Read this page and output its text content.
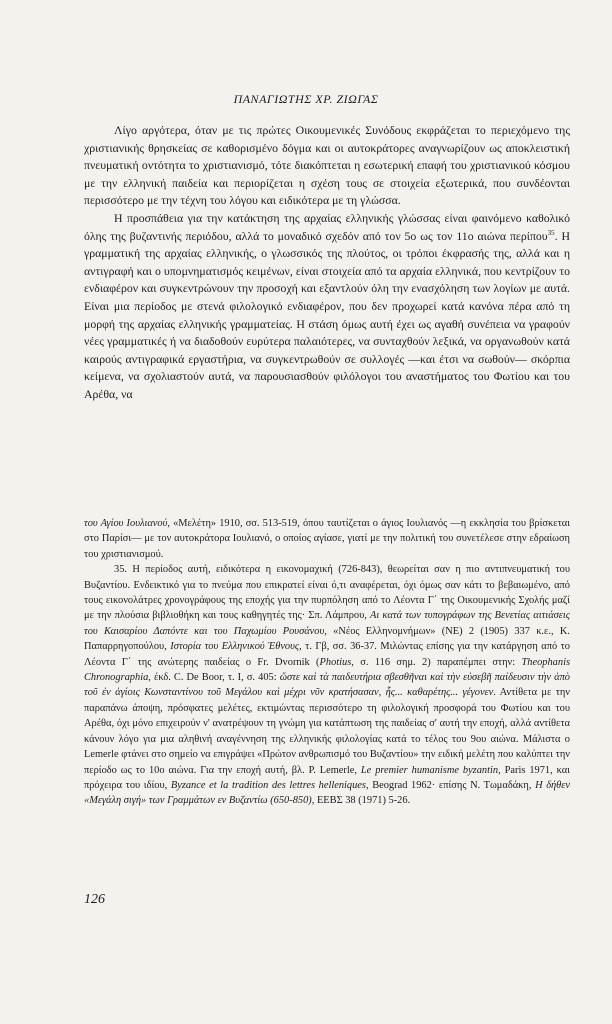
ΠΑΝΑΓΙΩΤΗΣ ΧΡ. ΖΙΩΓΑΣ

Λίγο αργότερα, όταν με τις πρώτες Οικουμενικές Συνόδους εκφράζεται το περιεχόμενο της χριστιανικής θρησκείας σε καθορισμένο δόγμα και οι αυτοκράτορες αναγνωρίζουν ως αποκλειστική πνευματική οντότητα το χριστιανισμό, τότε διακόπτεται η εσωτερική επαφή του χριστιανικού κόσμου με την ελληνική παιδεία και περιορίζεται η σχέση τους σε στοιχεία εξωτερικά, που συνδέονται περισσότερο με την τέχνη του λόγου και ειδικότερα με τη γλώσσα.

Η προσπάθεια για την κατάκτηση της αρχαίας ελληνικής γλώσσας είναι φαινόμενο καθολικό όλης της βυζαντινής περιόδου, αλλά το μοναδικό σχεδόν από τον 5ο ως τον 11ο αιώνα περίπου$^{35}$. Η γραμματική της αρχαίας ελληνικής, ο γλωσσικός της πλούτος, οι τρόποι έκφρασής της, αλλά και η αντιγραφή και ο υπομνηματισμός κειμένων, είναι στοιχεία από τα αρχαία ελληνικά, που κεντρίζουν το ενδιαφέρον και συγκεντρώνουν την προσοχή και εξαντλούν όλη την ενασχόληση των λογίων με αυτά. Είναι μια περίοδος με στενά φιλολογικό ενδιαφέρον, που δεν προχωρεί κατά κανόνα πέρα από τη μορφή της αρχαίας ελληνικής γραμματείας. Η στάση όμως αυτή έχει ως αγαθή συνέπεια να γραφούν νέες γραμματικές ή να διαδοθούν ευρύτερα παλαιότερες, να συνταχθούν λεξικά, να οργανωθούν κατά καιρούς αντιγραφικά εργαστήρια, να συγκεντρωθούν σε συλλογές —και έτσι να σωθούν— σκόρπια κείμενα, να σχολιαστούν αυτά, να παρουσιασθούν φιλόλογοι του αναστήματος του Φωτίου και του Αρέθα, να

του Αγίου Ιουλιανού, «Μελέτη» 1910, σσ. 513-519, όπου ταυτίζεται ο άγιος Ιουλιανός —η εκκλησία του βρίσκεται στο Παρίσι— με τον αυτοκράτορα Ιουλιανό, ο οποίος αγίασε, γιατί με την πολιτική του συνετέλεσε στην εδραίωση του χριστιανισμού.

35. Η περίοδος αυτή, ειδικότερα η εικονομαχική (726-843), θεωρείται σαν η πιο αντιπνευματική του Βυζαντίου. Ενδεικτικό για το πνεύμα που επικρατεί είναι ό,τι αναφέρεται, όχι όμως σαν κάτι το βεβαιωμένο, από τους εικονολάτρες χρονογράφους της εποχής για την πυρπόληση από το Λέοντα Γ΄ της Οικουμενικής Σχολής μαζί με την πλούσια βιβλιοθήκη και τους καθηγητές της· Σπ. Λάμπρου, Αι κατά των τυπογράφων της Βενετίας αιτιάσεις του Καισαρίου Δαπόντε και του Παχωμίου Ρουσάνου, «Νέος Ελληνομνήμων» (ΝΕ) 2 (1905) 337 κ.ε., Κ. Παπαρρηγοπούλου, Ιστορία του Ελληνικού Έθνους, τ. Γβ, σσ. 36-37. Μιλώντας επίσης για την κατάργηση από το Λέοντα Γ΄ της ανώτερης παιδείας ο Fr. Dvornik (Photius, σ. 116 σημ. 2) παραπέμπει στην: Theophanis Chronographia, έκδ. C. De Boor, τ. I, σ. 405: ὥστε καὶ τὰ παιδευτήρια σβεσθῆναι καὶ τὴν εὐσεβῆ παίδευσιν τὴν ἀπὸ τοῦ ἐν ἁγίοις Κωνσταντίνου τοῦ Μεγάλου καὶ μέχρι νῦν κρατήσασαν, ἧς... καθαρέτης... γέγονεν. Αντίθετα με την παραπάνω άποψη, πρόσφατες μελέτες, εκτιμώντας περισσότερο τη φιλολογική προσφορά του Φωτίου και του Αρέθα, όχι μόνο επιχειρούν ν' ανατρέψουν τη γνώμη για κατάπτωση της παιδείας σ' αυτή την εποχή, αλλά αντίθετα κάνουν λόγο για μια αληθινή αναγέννηση της ελληνικής φιλολογίας κατά το τέλος του 9ου αιώνα. Μάλιστα ο Lemerle φτάνει στο σημείο να επιγράψει «Πρώτον ανθρωπισμό του Βυζαντίου» την ειδική μελέτη που καλύπτει την περίοδο ως το 10ο αιώνα. Για την εποχή αυτή, βλ. P. Lemerle, Le premier humanisme byzantin, Paris 1971, και πρόχειρα του ιδίου, Byzance et la tradition des lettres helleniques, Beograd 1962· επίσης Ν. Τωμαδάκη, Η δήθεν «Μεγάλη σιγή» των Γραμμάτων εν Βυζαντίω (650-850), ΕΕΒΣ 38 (1971) 5-26.

126
